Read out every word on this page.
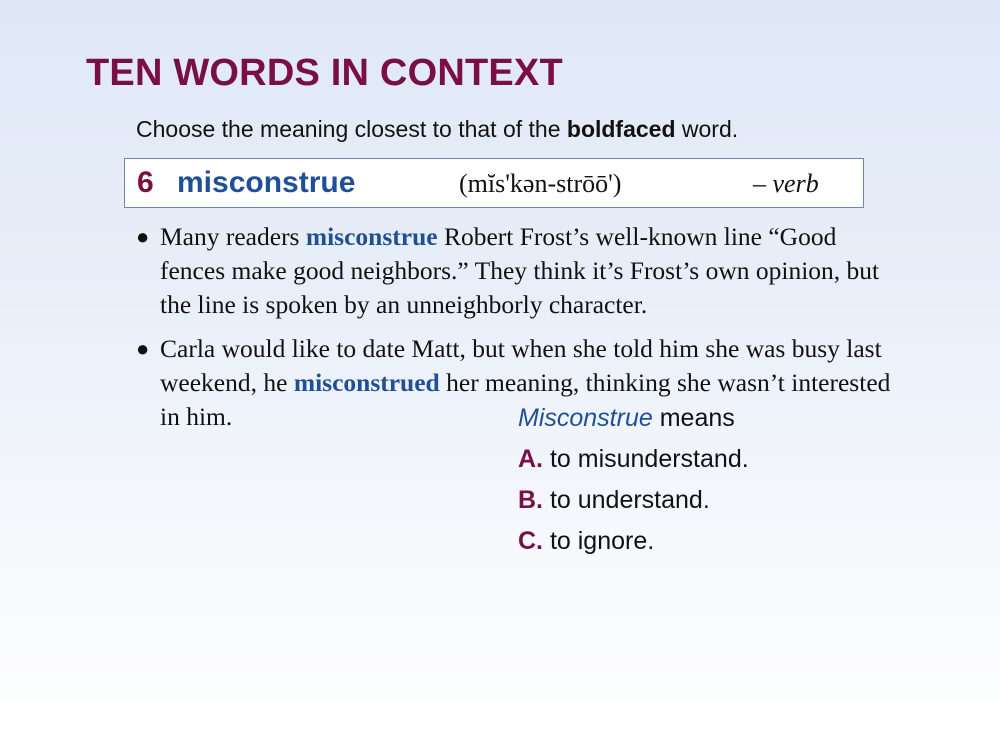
TEN WORDS IN CONTEXT
Choose the meaning closest to that of the boldfaced word.
6 misconstrue	(mĭs'kən-strōō')	– verb
● Many readers misconstrue Robert Frost’s well-known line “Good fences make good neighbors.” They think it’s Frost’s own opinion, but the line is spoken by an unneighborly character.
● Carla would like to date Matt, but when she told him she was busy last weekend, he misconstrued her meaning, thinking she wasn’t interested in him.	Misconstrue means

A. to misunderstand.

B. to understand.

C. to ignore.
